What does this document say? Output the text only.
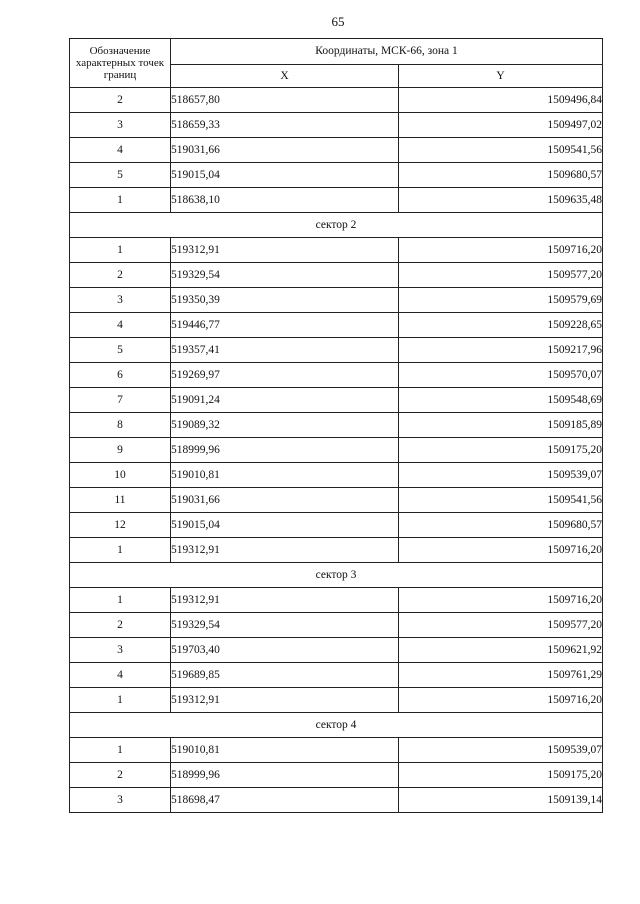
65
Обозначение характерных точек границ	Координаты, МСК-66, зона 1	
	X	Y
2	518657,80	1509496,84
3	518659,33	1509497,02
4	519031,66	1509541,56
5	519015,04	1509680,57
1	518638,10	1509635,48
сектор 2		
1	519312,91	1509716,20
2	519329,54	1509577,20
3	519350,39	1509579,69
4	519446,77	1509228,65
5	519357,41	1509217,96
6	519269,97	1509570,07
7	519091,24	1509548,69
8	519089,32	1509185,89
9	518999,96	1509175,20
10	519010,81	1509539,07
11	519031,66	1509541,56
12	519015,04	1509680,57
1	519312,91	1509716,20
сектор 3		
1	519312,91	1509716,20
2	519329,54	1509577,20
3	519703,40	1509621,92
4	519689,85	1509761,29
1	519312,91	1509716,20
сектор 4		
1	519010,81	1509539,07
2	518999,96	1509175,20
3	518698,47	1509139,14
